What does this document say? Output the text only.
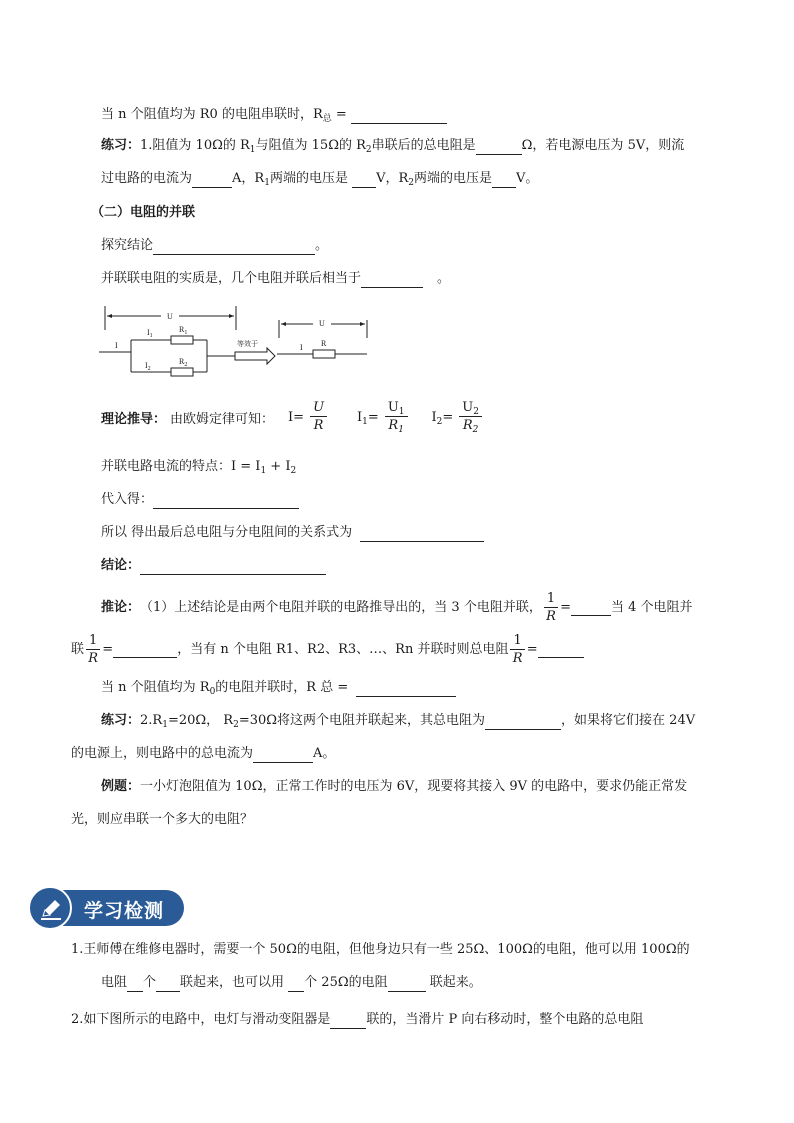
当 n 个阻值均为 R0 的电阻串联时，$R_总$ =
练习：1.阻值为 10Ω的 $R_1$与阻值为 15Ω的 $R_2$串联后的总电阻是	Ω，若电源电压为 5V，则流
过电路的电流为	A，$R_1$两端的电压是 V，$R_2$两端的电压是 V。
（二）电阻的并联
探究结论	。
并联联电阻的实质是，几个电阻并联后相当于	。
U
I
$I_1$
$R_1$
$I_2$
$R_2$
等效于
U
I R
理论推导： 由欧姆定律可知： $I= \frac{U}{R} I_1= \frac{U_1}{R_1} I_2= \frac{U_2}{R_2}$
并联电路电流的特点：$I = I_1 + I_2$
代入得：
所以 得出最后总电阻与分电阻间的关系式为
结论：
推论： （1）上述结论是由两个电阻并联的电路推导出的，当 3 个电阻并联， $\frac{1}{R}$ =	当 4 个电阻并
联 $\frac{1}{R}$ =	，当有 n 个电阻 R1、R2、R3、…、Rn 并联时则总电阻 $\frac{1}{R}$ =
当 n 个阻值均为 $R_0$的电阻并联时，R 总 =
练习：$2.R_1=20\Omega$， $R_2=30\Omega$将这两个电阻并联起来，其总电阻为	，如果将它们接在 24V
的电源上，则电路中的总电流为	A。
例题：一小灯泡阻值为 10Ω，正常工作时的电压为 6V，现要将其接入 9V 的电路中，要求仍能正常发
光，则应串联一个多大的电阻？
学习检测
1.王师傅在维修电器时，需要一个 50Ω的电阻，但他身边只有一些 25Ω、100Ω的电阻，他可以用 100Ω的
电阻 个 联起来，也可以用 个 25Ω的电阻	联起来。
2.如下图所示的电路中，电灯与滑动变阻器是	联的，当滑片 P 向右移动时，整个电路的总电阻
